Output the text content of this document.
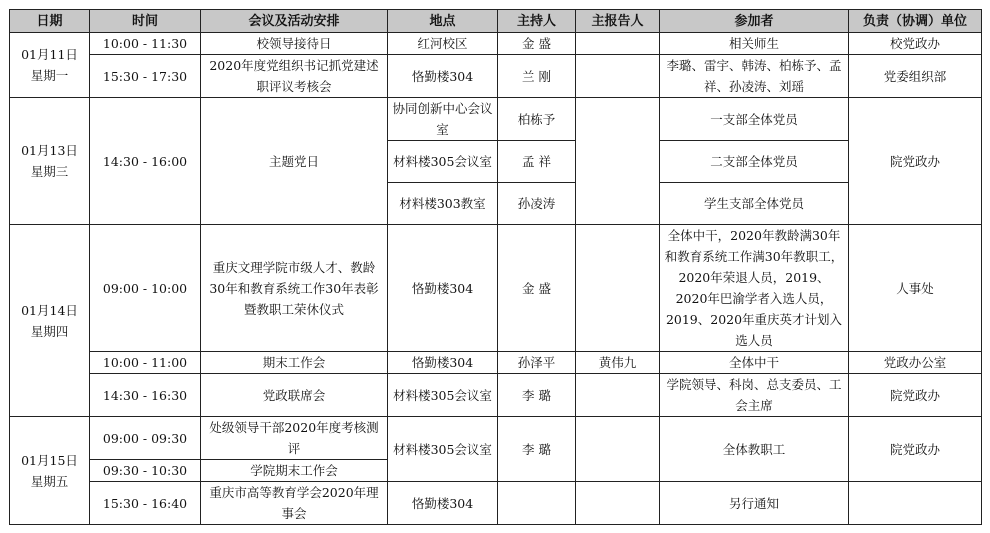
日期	时间	会议及活动安排	地点	主持人	主报告人	参加者	负责（协调）单位

01月11日
星期一	10:00 - 11:30	校领导接待日	红河校区	金 盛		相关师生	校党政办
	15:30 - 17:30	2020年度党组织书记抓党建述职评议考核会	恪勤楼304	兰 刚		李璐、雷宇、韩涛、柏栋予、孟祥、孙凌涛、刘瑶	党委组织部

01月13日
星期三	14:30 - 16:00	主题党日	协同创新中心会议室	柏栋予		一支部全体党员	院党政办
			材料楼305会议室	孟 祥		二支部全体党员	
			材料楼303教室	孙凌涛		学生支部全体党员	

01月14日
星期四	09:00 - 10:00	重庆文理学院市级人才、教龄30年和教育系统工作30年表彰暨教职工荣休仪式	恪勤楼304	金 盛		全体中干，2020年教龄满30年和教育系统工作满30年教职工，2020年荣退人员，2019、2020年巴渝学者入选人员，2019、2020年重庆英才计划入选人员	人事处
	10:00 - 11:00	期末工作会	恪勤楼304	孙泽平	黄伟九	全体中干	党政办公室
	14:30 - 16:30	党政联席会	材料楼305会议室	李 璐		学院领导、科岗、总支委员、工会主席	院党政办

01月15日
星期五	09:00 - 09:30	处级领导干部2020年度考核测评	材料楼305会议室	李 璐		全体教职工	院党政办
	09:30 - 10:30	学院期末工作会					
	15:30 - 16:40	重庆市高等教育学会2020年理事会	恪勤楼304			另行通知	
